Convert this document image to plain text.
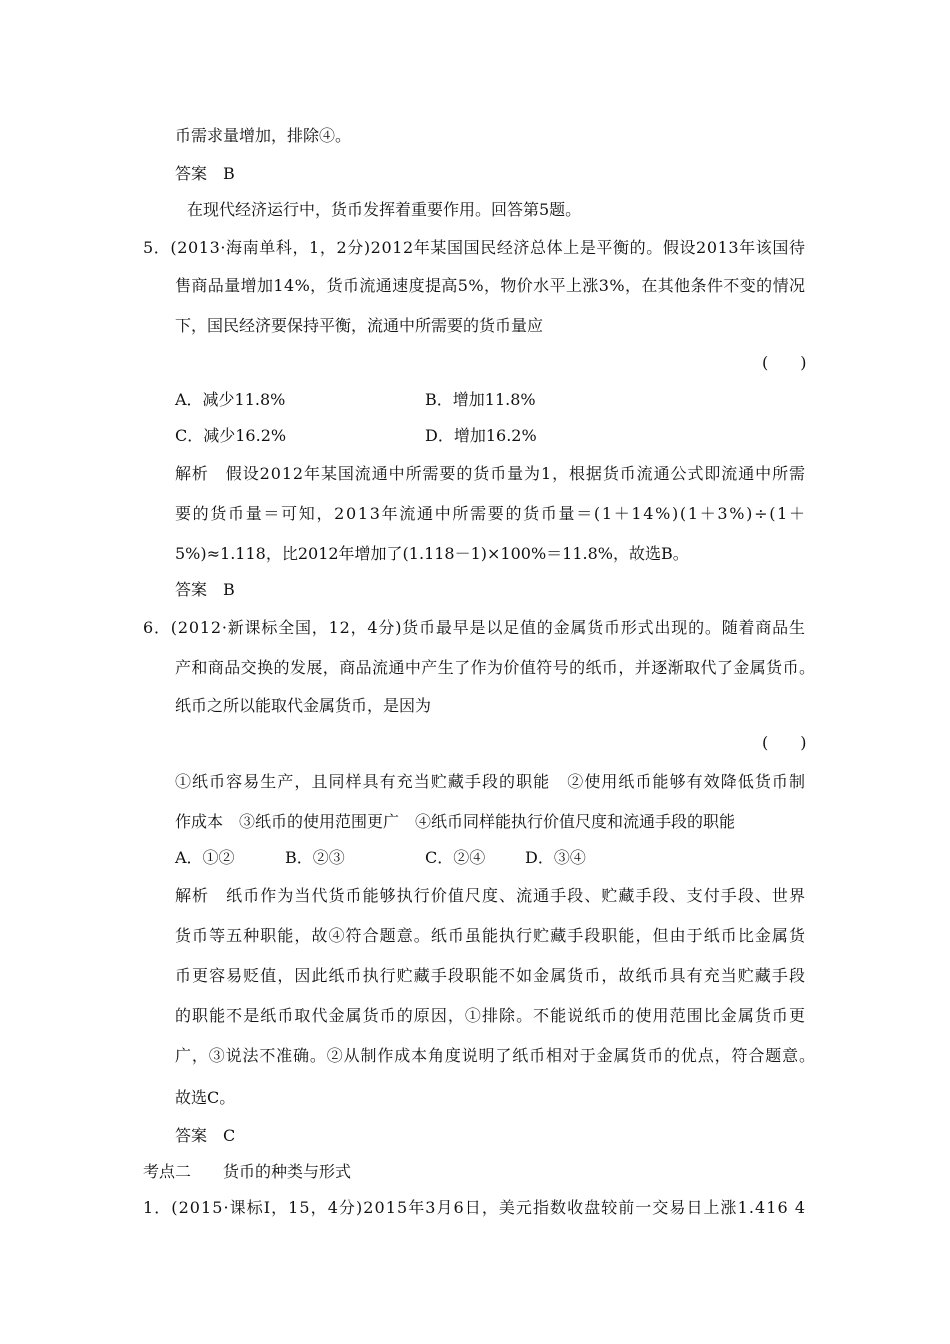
币需求量增加，排除④。
答案　B
在现代经济运行中，货币发挥着重要作用。回答第5题。
5．(2013·海南单科，1，2分)2012年某国国民经济总体上是平衡的。假设2013年该国待
售商品量增加14%，货币流通速度提高5%，物价水平上涨3%，在其他条件不变的情况
下，国民经济要保持平衡，流通中所需要的货币量应
(　　)
A．减少11.8%	B．增加11.8%
C．减少16.2%	D．增加16.2%
解析　假设2012年某国流通中所需要的货币量为1，根据货币流通公式即流通中所需
要的货币量＝可知，2013年流通中所需要的货币量＝(1＋14%)(1＋3%)÷(1＋
5%)≈1.118，比2012年增加了(1.118－1)×100%＝11.8%，故选B。
答案　B
6．(2012·新课标全国，12，4分)货币最早是以足值的金属货币形式出现的。随着商品生
产和商品交换的发展，商品流通中产生了作为价值符号的纸币，并逐渐取代了金属货币。
纸币之所以能取代金属货币，是因为
(　　)
①纸币容易生产，且同样具有充当贮藏手段的职能　②使用纸币能够有效降低货币制
作成本　③纸币的使用范围更广　④纸币同样能执行价值尺度和流通手段的职能
A．①②	B．②③	C．②④ D．③④
解析　纸币作为当代货币能够执行价值尺度、流通手段、贮藏手段、支付手段、世界
货币等五种职能，故④符合题意。纸币虽能执行贮藏手段职能，但由于纸币比金属货
币更容易贬值，因此纸币执行贮藏手段职能不如金属货币，故纸币具有充当贮藏手段
的职能不是纸币取代金属货币的原因，①排除。不能说纸币的使用范围比金属货币更
广，③说法不准确。②从制作成本角度说明了纸币相对于金属货币的优点，符合题意。
故选C。
答案　C
考点二　　货币的种类与形式
1．(2015·课标Ⅰ，15，4分)2015年3月6日，美元指数收盘较前一交易日上涨1.416 4
